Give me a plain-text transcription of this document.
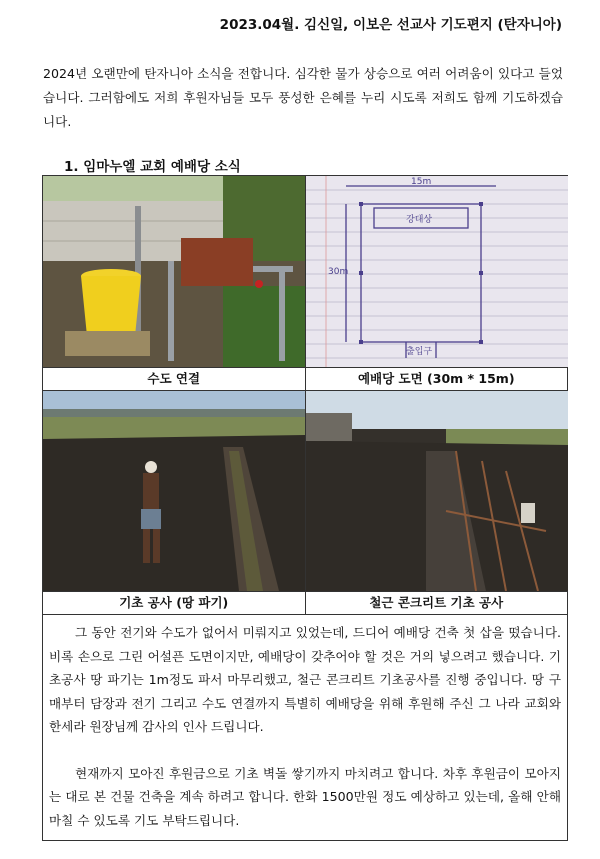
2023.04월. 김신일, 이보은 선교사 기도편지 (탄자니아)
2024년 오랜만에 탄자니아 소식을 전합니다. 심각한 물가 상승으로 여러 어려움이 있다고 들었습니다. 그러함에도 저희 후원자님들 모두 풍성한 은혜를 누리 시도록 저희도 함께 기도하겠습니다.
1. 임마누엘 교회 예배당 소식

15m
30m
강대상
출입구

수도 연결	예배당 도면 (30m * 15m)

기초 공사 (땅 파기)	철근 콘크리트 기초 공사

그 동안 전기와 수도가 없어서 미뤄지고 있었는데, 드디어 예배당 건축 첫 삽을 떴습니다. 비록 손으로 그린 어설픈 도면이지만, 예배당이 갖추어야 할 것은 거의 넣으려고 했습니다. 기초공사 땅 파기는 1m정도 파서 마무리했고, 철근 콘크리트 기초공사를 진행 중입니다. 땅 구매부터 담장과 전기 그리고 수도 연결까지 특별히 예배당을 위해 후원해 주신 그 나라 교회와 한세라 원장님께 감사의 인사 드립니다.

현재까지 모아진 후원금으로 기초 벽돌 쌓기까지 마치려고 합니다. 차후 후원금이 모아지는 대로 본 건물 건축을 계속 하려고 합니다. 한화 1500만원 정도 예상하고 있는데, 올해 안해 마칠 수 있도록 기도 부탁드립니다.	
